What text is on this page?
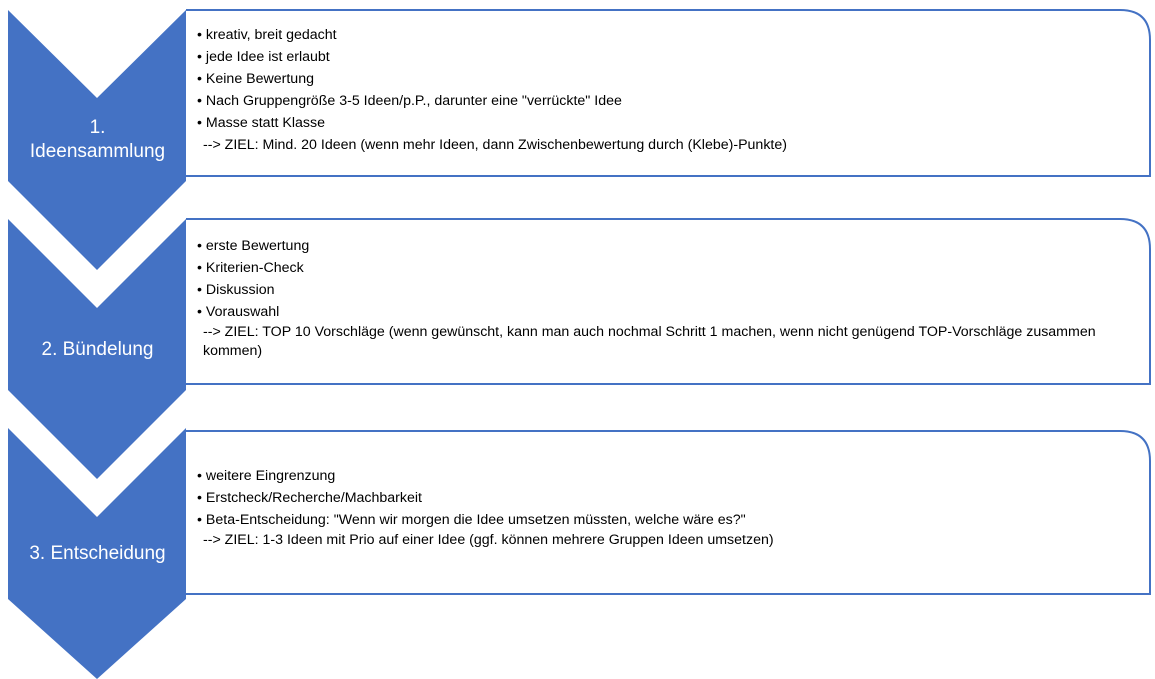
1.
Ideensammlung
• kreativ, breit gedacht
• jede Idee ist erlaubt
• Keine Bewertung
• Nach Gruppengröße 3-5 Ideen/p.P., darunter eine "verrückte" Idee
• Masse statt Klasse
--> ZIEL: Mind. 20 Ideen (wenn mehr Ideen, dann Zwischenbewertung durch (Klebe)-Punkte)
2. Bündelung
• erste Bewertung
• Kriterien-Check
• Diskussion
• Vorauswahl
--> ZIEL: TOP 10 Vorschläge (wenn gewünscht, kann man auch nochmal Schritt 1 machen, wenn nicht genügend TOP-Vorschläge zusammen kommen)
3. Entscheidung
• weitere Eingrenzung
• Erstcheck/Recherche/Machbarkeit
• Beta-Entscheidung: "Wenn wir morgen die Idee umsetzen müssten, welche wäre es?"
--> ZIEL: 1-3 Ideen mit Prio auf einer Idee (ggf. können mehrere Gruppen Ideen umsetzen)
